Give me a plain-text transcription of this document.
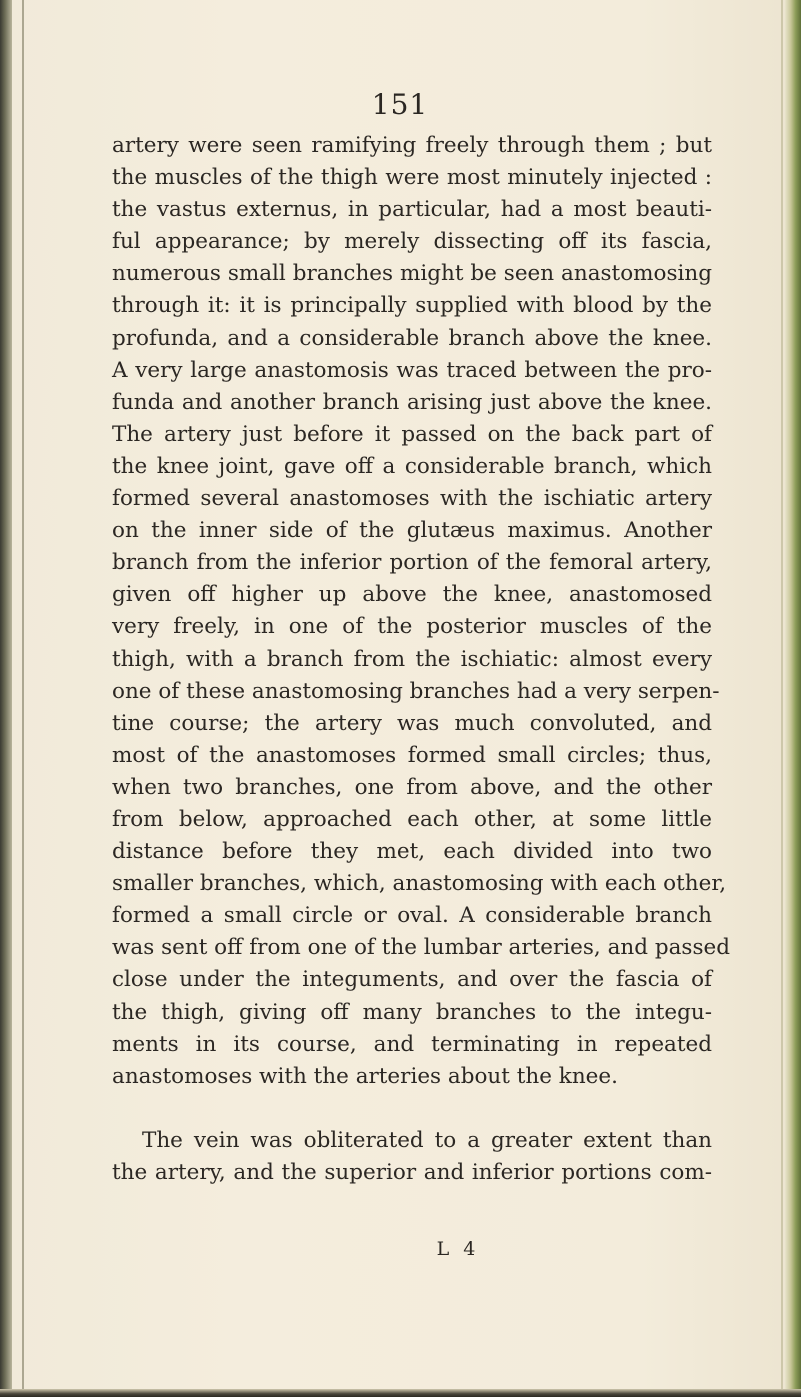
151
artery were seen ramifying freely through them ; but
the muscles of the thigh were most minutely injected :
the vastus externus, in particular, had a most beauti-
ful appearance; by merely dissecting off its fascia,
numerous small branches might be seen anastomosing
through it: it is principally supplied with blood by the
profunda, and a considerable branch above the knee.
A very large anastomosis was traced between the pro-
funda and another branch arising just above the knee.
The artery just before it passed on the back part of
the knee joint, gave off a considerable branch, which
formed several anastomoses with the ischiatic artery
on the inner side of the glutæus maximus. Another
branch from the inferior portion of the femoral artery,
given off higher up above the knee, anastomosed
very freely, in one of the posterior muscles of the
thigh, with a branch from the ischiatic: almost every
one of these anastomosing branches had a very serpen-
tine course; the artery was much convoluted, and
most of the anastomoses formed small circles; thus,
when two branches, one from above, and the other
from below, approached each other, at some little
distance before they met, each divided into two
smaller branches, which, anastomosing with each other,
formed a small circle or oval. A considerable branch
was sent off from one of the lumbar arteries, and passed
close under the integuments, and over the fascia of
the thigh, giving off many branches to the integu-
ments in its course, and terminating in repeated
anastomoses with the arteries about the knee.
The vein was obliterated to a greater extent than
the artery, and the superior and inferior portions com-
L 4
